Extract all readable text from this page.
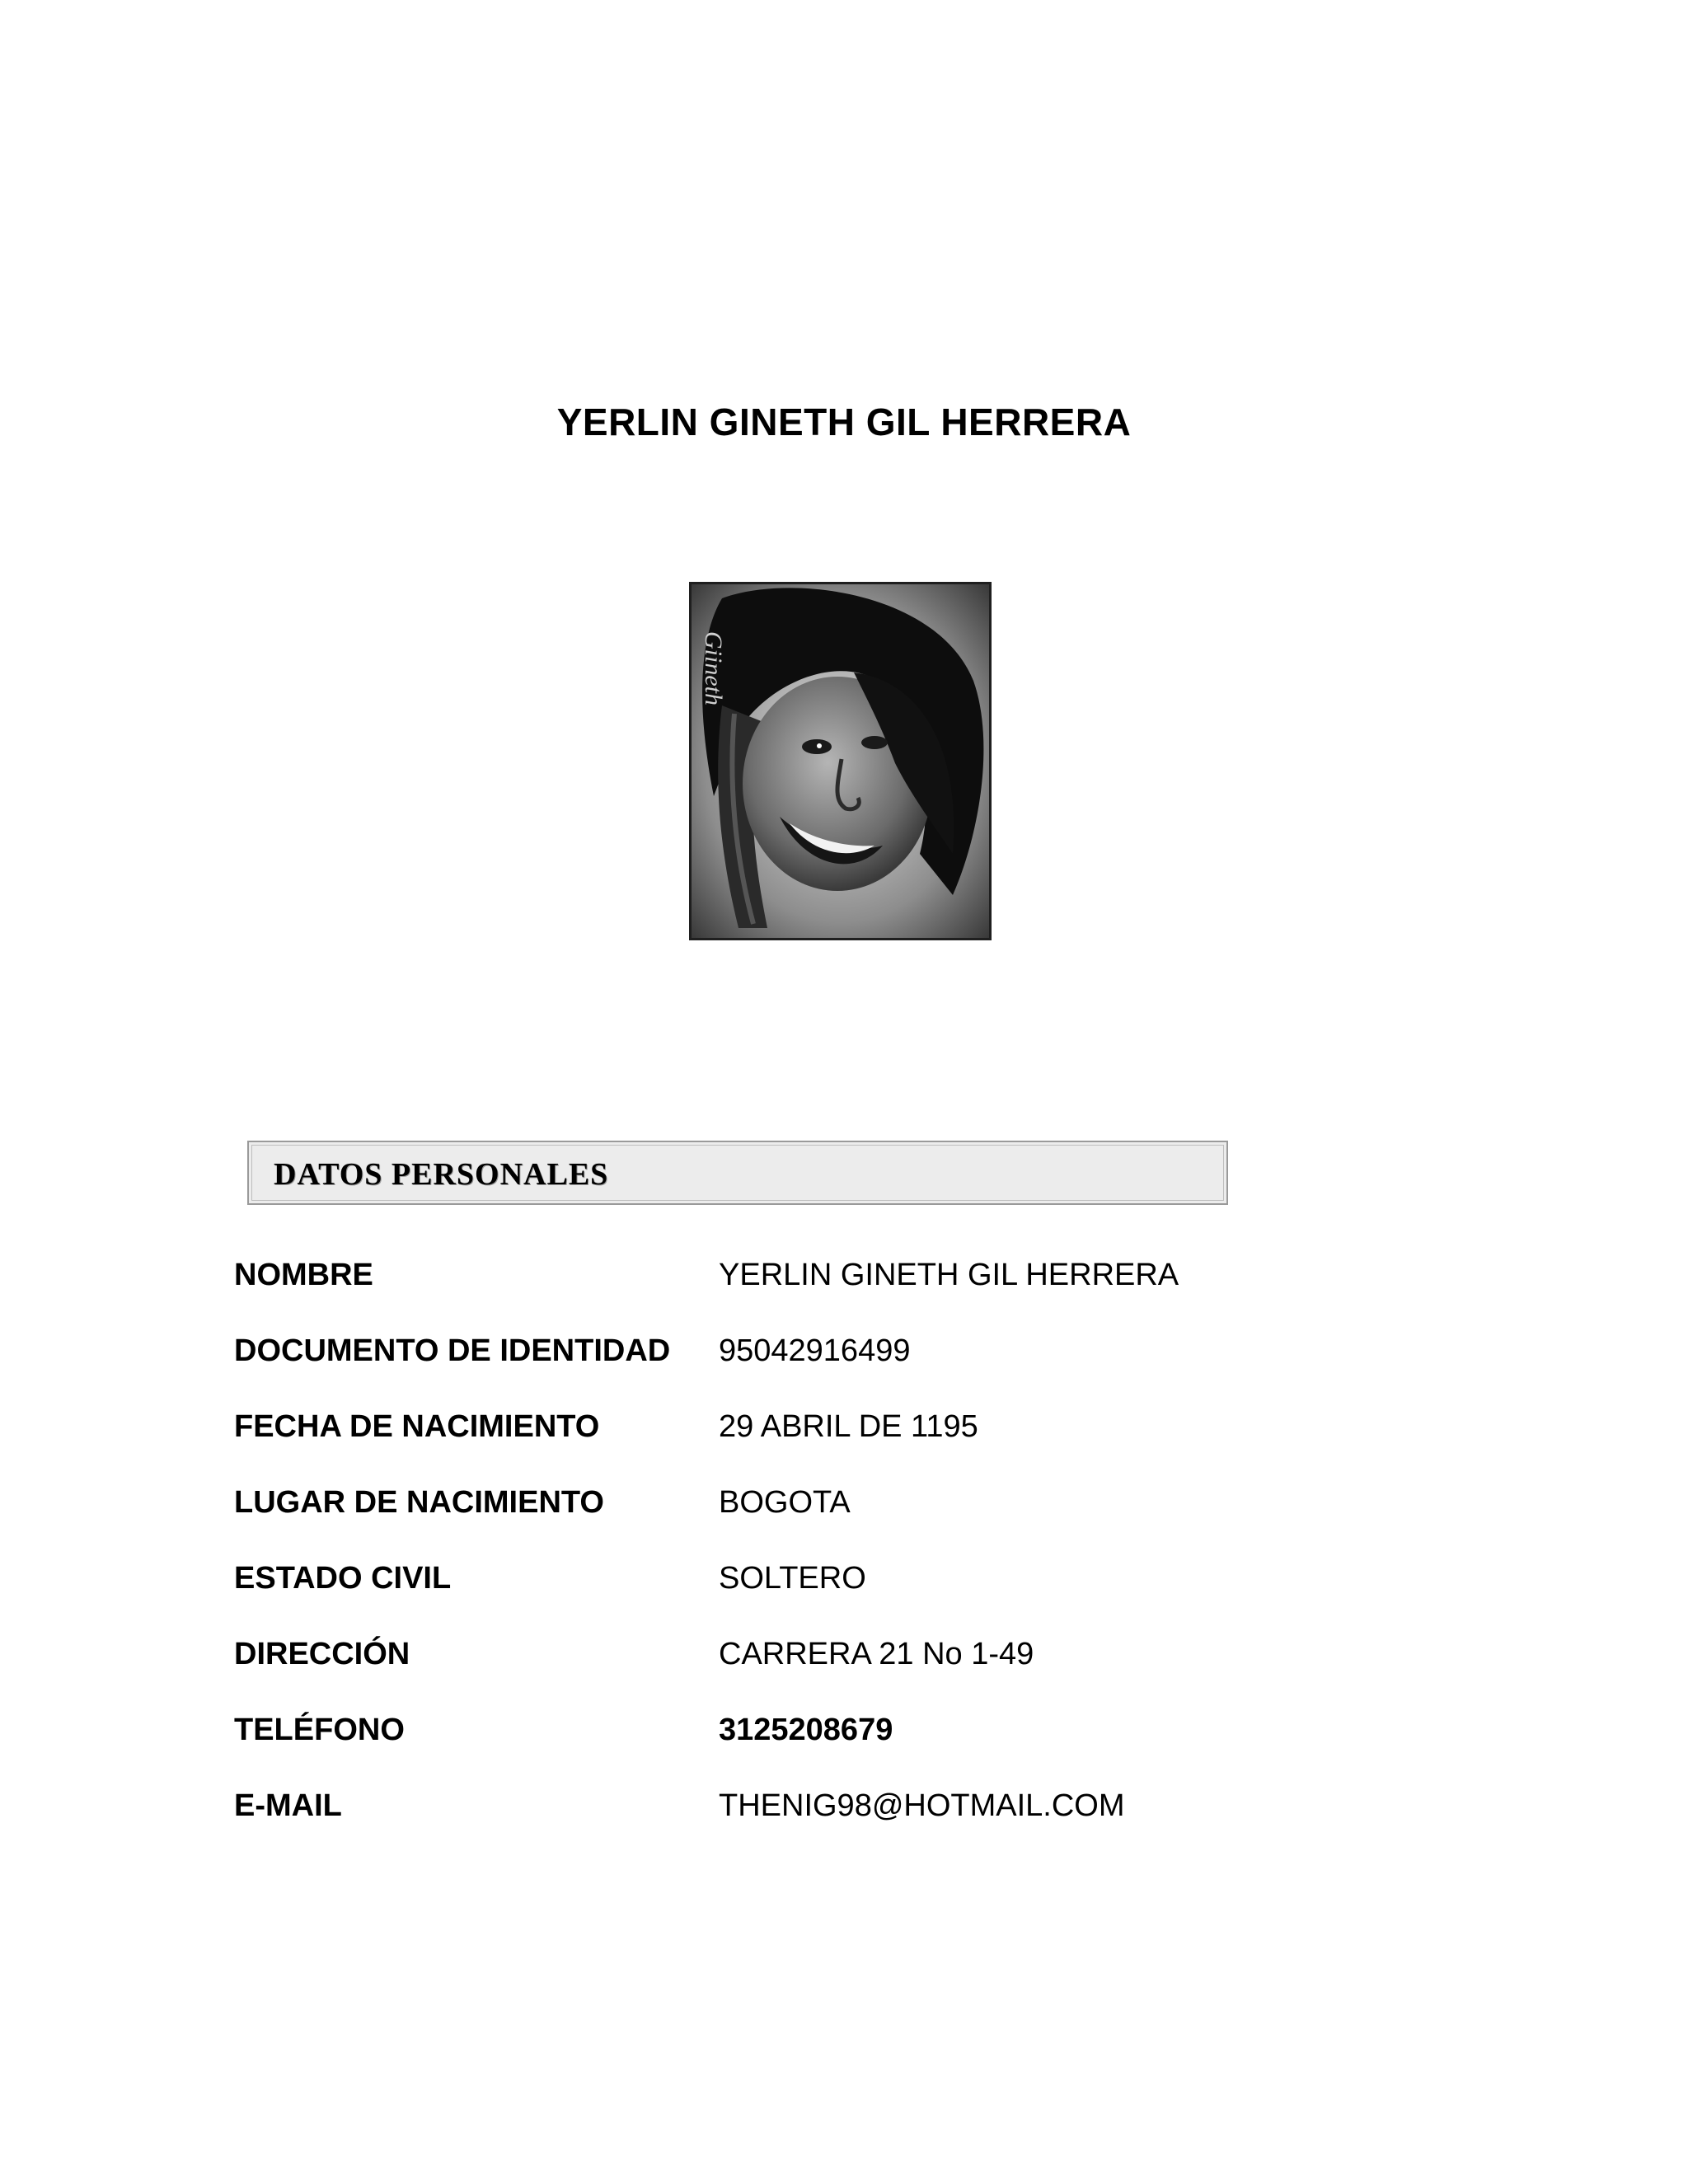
YERLIN GINETH GIL HERRERA
Giineth
DATOS PERSONALES
NOMBRE	YERLIN GINETH GIL HERRERA
DOCUMENTO DE IDENTIDAD 95042916499
FECHA DE NACIMIENTO	29 ABRIL DE 1195
LUGAR DE NACIMIENTO	BOGOTA
ESTADO CIVIL	SOLTERO
DIRECCIÓN	CARRERA 21 No 1-49
TELÉFONO	3125208679
E-MAIL	THENIG98@HOTMAIL.COM
